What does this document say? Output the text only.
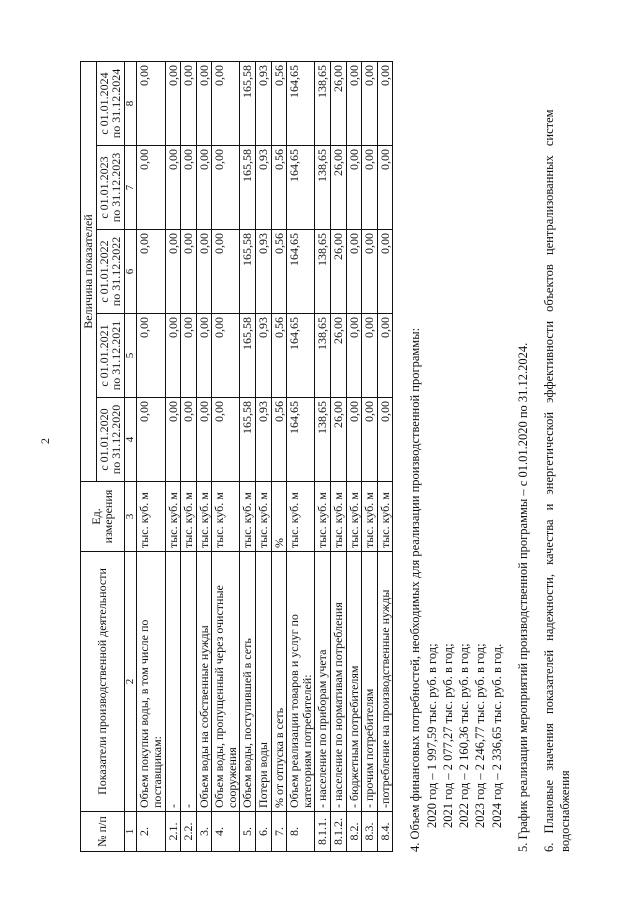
2
№ п/п	Показатели производственной деятельности	Ед. измерения	Величина показателей				
			с 01.01.2020 по 31.12.2020	с 01.01.2021 по 31.12.2021	с 01.01.2022 по 31.12.2022	с 01.01.2023 по 31.12.2023	с 01.01.2024 по 31.12.2024
1	2	3	4	5	6	7	8
2.	Объем покупки воды, в том числе по поставщикам:	тыс. куб. м	0,00	0,00	0,00	0,00	0,00
2.1.	-	тыс. куб. м	0,00	0,00	0,00	0,00	0,00
2.2.	-	тыс. куб. м	0,00	0,00	0,00	0,00	0,00
3.	Объем воды на собственные нужды	тыс. куб. м	0,00	0,00	0,00	0,00	0,00
4.	Объем воды, пропущенный через очистные сооружения	тыс. куб. м	0,00	0,00	0,00	0,00	0,00
5.	Объем воды, поступившей в сеть	тыс. куб. м	165,58	165,58	165,58	165,58	165,58
6.	Потери воды	тыс. куб. м	0,93	0,93	0,93	0,93	0,93
7.	% от отпуска в сеть	%	0,56	0,56	0,56	0,56	0,56
8.	Объем реализации товаров и услуг по категориям потребителей:	тыс. куб. м	164,65	164,65	164,65	164,65	164,65
8.1.1.	- население по приборам учета	тыс. куб. м	138,65	138,65	138,65	138,65	138,65
8.1.2.	- население по нормативам потребления	тыс. куб. м	26,00	26,00	26,00	26,00	26,00
8.2.	- бюджетным потребителям	тыс. куб. м	0,00	0,00	0,00	0,00	0,00
8.3.	- прочим потребителям	тыс. куб. м	0,00	0,00	0,00	0,00	0,00
8.4.	-потребление на производственные нужды	тыс. куб. м	0,00	0,00	0,00	0,00	0,00

4. Объем финансовых потребностей, необходимых для реализации производственной программы: 2020 год – 1 997,59 тыс. руб. в год; 2021 год – 2 077,27 тыс. руб. в год; 2022 год – 2 160,36 тыс. руб. в год; 2023 год – 2 246,77 тыс. руб. в год; 2024 год – 2 336,65 тыс. руб. в год. 5. График реализации мероприятий производственной программы – с 01.01.2020 по 31.12.2024. 6. Плановые значения показателей надежности, качества и энергетической эффективности объектов централизованных систем водоснабжения
